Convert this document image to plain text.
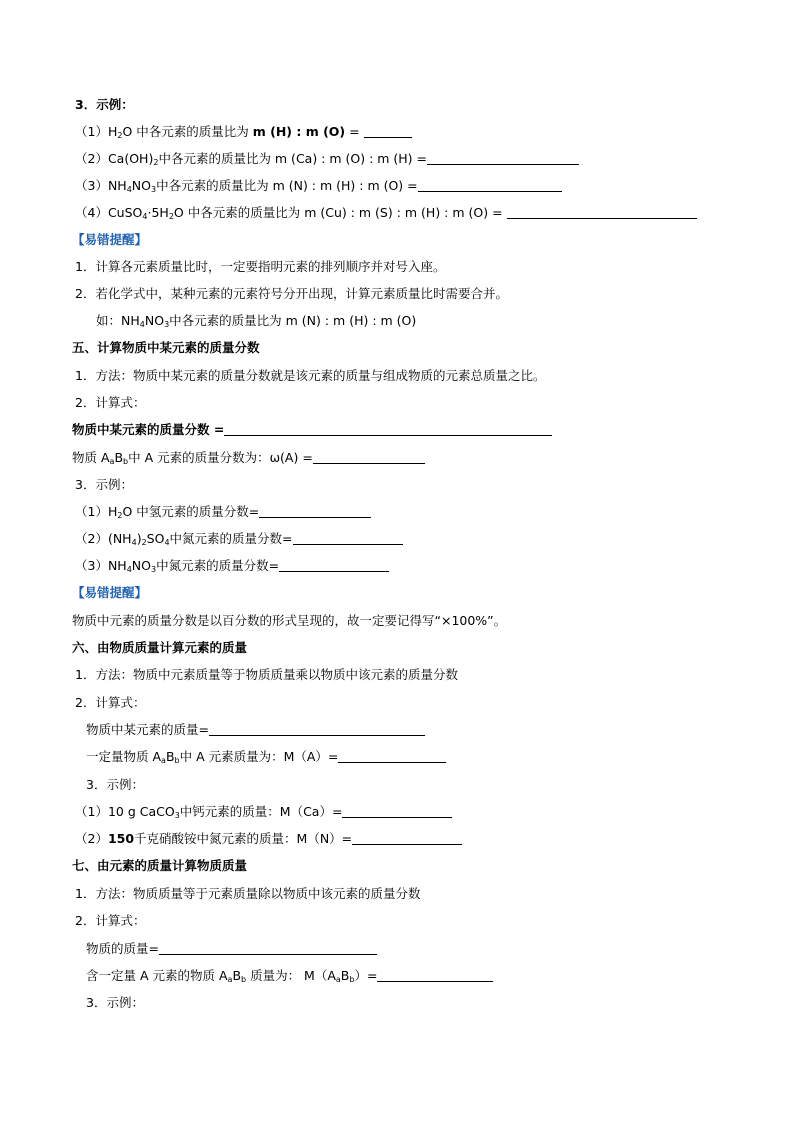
3．示例：
$(1)H_2O$ 中各元素的质量比为 m (H) : m (O) =
$(2)Ca(OH)_2$中各元素的质量比为 m (Ca) : m (O) : m (H) =
$(3)NH_4NO_3$中各元素的质量比为 m (N) : m (H) : m (O) =
$(4)CuSO_4\cdot 5H_2O$ 中各元素的质量比为 m (Cu) : m (S) : m (H) : m (O) =
【易错提醒】
1．计算各元素质量比时，一定要指明元素的排列顺序并对号入座。
2．若化学式中，某种元素的元素符号分开出现，计算元素质量比时需要合并。
如：$NH_4NO_3$中各元素的质量比为 m (N) : m (H) : m (O)
五、计算物质中某元素的质量分数
1．方法：物质中某元素的质量分数就是该元素的质量与组成物质的元素总质量之比。
2．计算式：
物质中某元素的质量分数 =
物质 $A_aB_b$中 A 元素的质量分数为：ω(A) =
3．示例：
$(1)H_2O$ 中氢元素的质量分数=
$(2)(NH_4)_2SO_4$中氮元素的质量分数=
$(3)NH_4NO_3$中氮元素的质量分数=
【易错提醒】
物质中元素的质量分数是以百分数的形式呈现的，故一定要记得写“×100%”。
六、由物质质量计算元素的质量
1．方法：物质中元素质量等于物质质量乘以物质中该元素的质量分数
2．计算式：
物质中某元素的质量=
一定量物质 $A_aB_b$中 A 元素质量为：M（A）=
3．示例：
（1）10 g CaCO$_3$中钙元素的质量：M（Ca）=
（2）150千克硝酸铵中氮元素的质量：M（N）=
七、由元素的质量计算物质质量
1．方法：物质质量等于元素质量除以物质中该元素的质量分数
2．计算式：
物质的质量=
含一定量 A 元素的物质 $A_aB_b$ 质量为： $M(A_aB_b)=$
3．示例：
